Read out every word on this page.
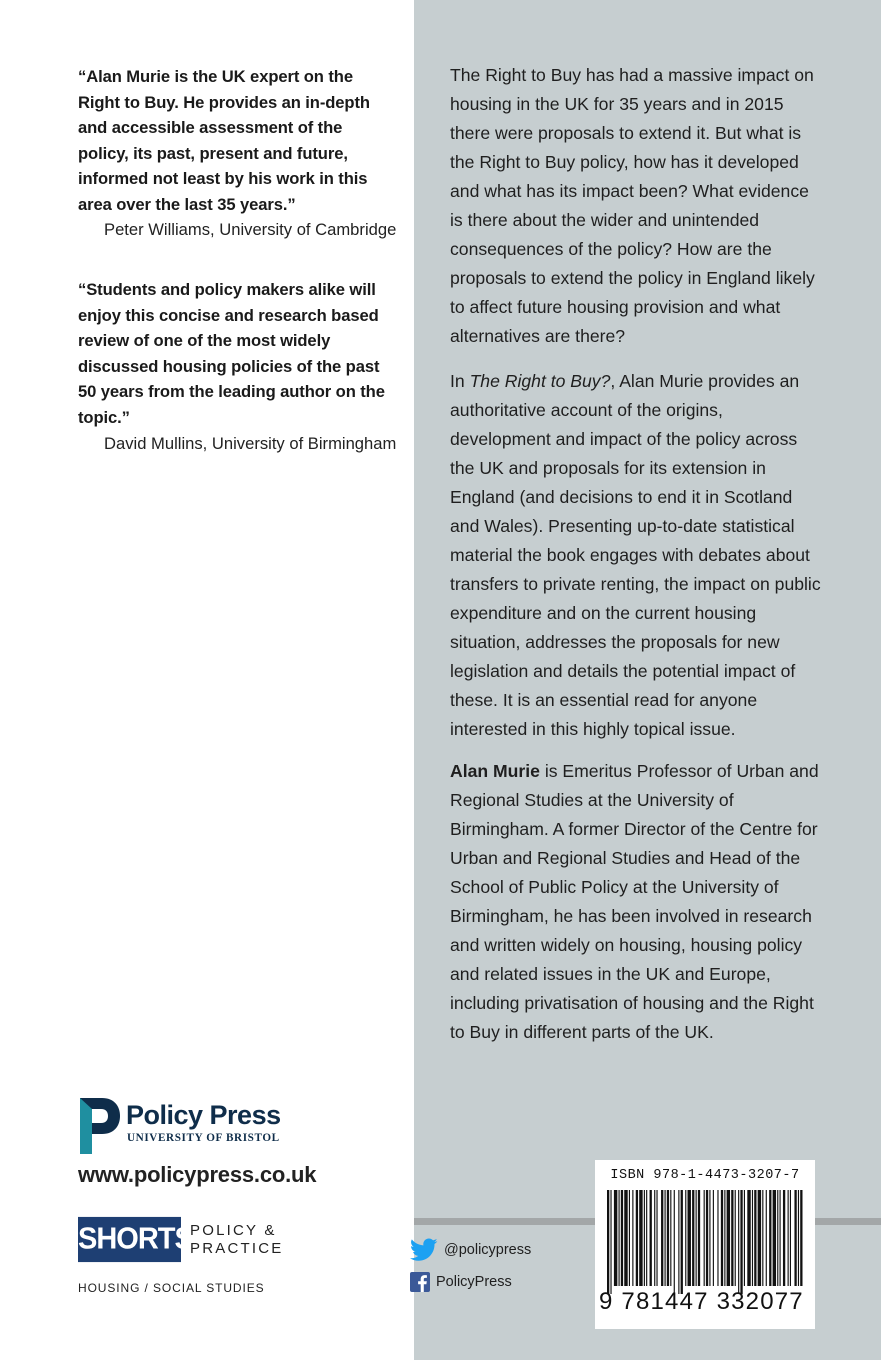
“Alan Murie is the UK expert on the Right to Buy. He provides an in-depth and accessible assessment of the policy, its past, present and future, informed not least by his work in this area over the last 35 years.”
Peter Williams, University of Cambridge
“Students and policy makers alike will enjoy this concise and research based review of one of the most widely discussed housing policies of the past 50 years from the leading author on the topic.”
David Mullins, University of Birmingham

The Right to Buy has had a massive impact on housing in the UK for 35 years and in 2015 there were proposals to extend it. But what is the Right to Buy policy, how has it developed and what has its impact been? What evidence is there about the wider and unintended consequences of the policy? How are the proposals to extend the policy in England likely to affect future housing provision and what alternatives are there?

In The Right to Buy?, Alan Murie provides an authoritative account of the origins, development and impact of the policy across the UK and proposals for its extension in England (and decisions to end it in Scotland and Wales). Presenting up-to-date statistical material the book engages with debates about transfers to private renting, the impact on public expenditure and on the current housing situation, addresses the proposals for new legislation and details the potential impact of these. It is an essential read for anyone interested in this highly topical issue.

Alan Murie is Emeritus Professor of Urban and Regional Studies at the University of Birmingham. A former Director of the Centre for Urban and Regional Studies and Head of the School of Public Policy at the University of Birmingham, he has been involved in research and written widely on housing, housing policy and related issues in the UK and Europe, including privatisation of housing and the Right to Buy in different parts of the UK.

Policy Press
UNIVERSITY OF BRISTOL
www.policypress.co.uk
SHORTS
POLICY &
PRACTICE
HOUSING / SOCIAL STUDIES
@policypress
PolicyPress
ISBN 978-1-4473-3207-7
9 781447 332077
